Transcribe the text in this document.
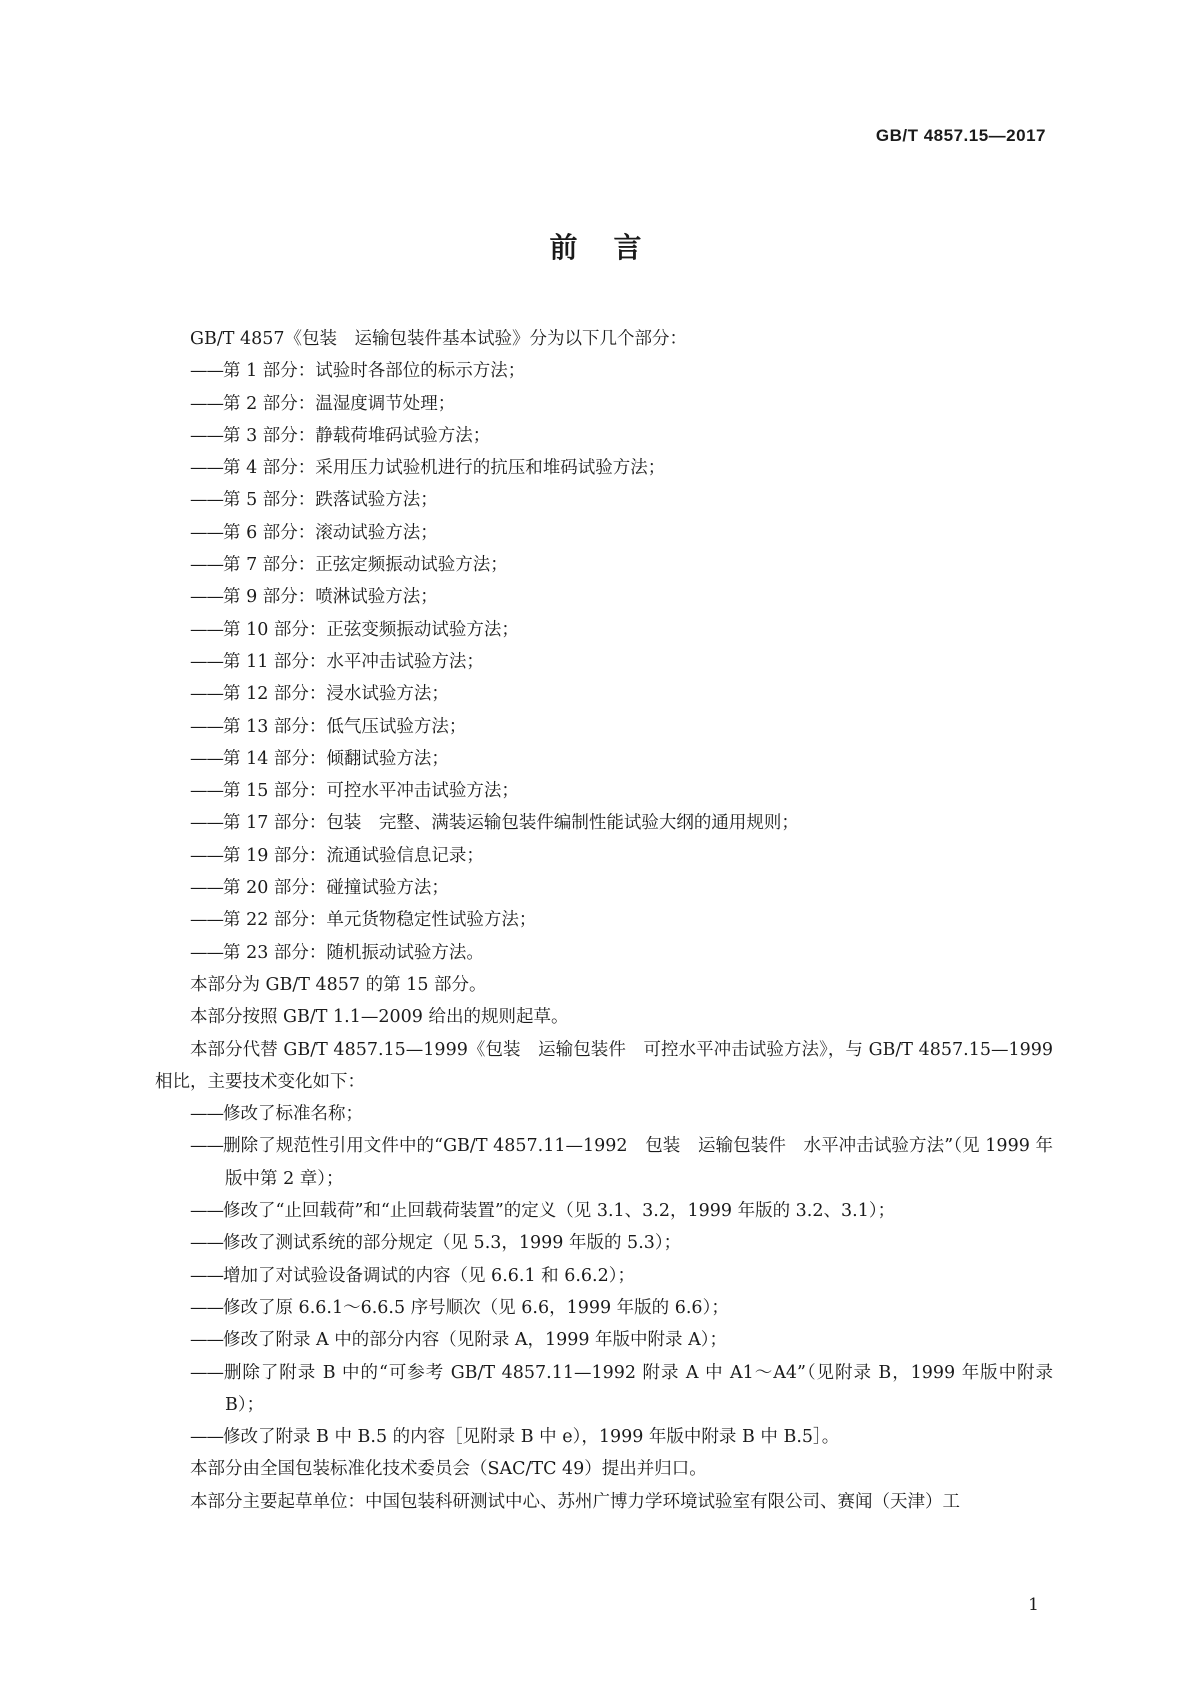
GB/T 4857.15—2017

前言

GB/T 4857《包装　运输包装件基本试验》分为以下几个部分：

——第 1 部分：试验时各部位的标示方法；
——第 2 部分：温湿度调节处理；
——第 3 部分：静载荷堆码试验方法；
——第 4 部分：采用压力试验机进行的抗压和堆码试验方法；
——第 5 部分：跌落试验方法；
——第 6 部分：滚动试验方法；
——第 7 部分：正弦定频振动试验方法；
——第 9 部分：喷淋试验方法；
——第 10 部分：正弦变频振动试验方法；
——第 11 部分：水平冲击试验方法；
——第 12 部分：浸水试验方法；
——第 13 部分：低气压试验方法；
——第 14 部分：倾翻试验方法；
——第 15 部分：可控水平冲击试验方法；
——第 17 部分：包装　完整、满装运输包装件编制性能试验大纲的通用规则；
——第 19 部分：流通试验信息记录；
——第 20 部分：碰撞试验方法；
——第 22 部分：单元货物稳定性试验方法；
——第 23 部分：随机振动试验方法。

本部分为 GB/T 4857 的第 15 部分。

本部分按照 GB/T 1.1—2009 给出的规则起草。

本部分代替 GB/T 4857.15—1999《包装　运输包装件　可控水平冲击试验方法》，与 GB/T 4857.15—1999 相比，主要技术变化如下：

——修改了标准名称；
——删除了规范性引用文件中的“GB/T 4857.11—1992　包装　运输包装件　水平冲击试验方法”（见 1999 年版中第 2 章）；
——修改了“止回载荷”和“止回载荷装置”的定义（见 3.1、3.2，1999 年版的 3.2、3.1）；
——修改了测试系统的部分规定（见 5.3，1999 年版的 5.3）；
——增加了对试验设备调试的内容（见 6.6.1 和 6.6.2）；
——修改了原 6.6.1～6.6.5 序号顺次（见 6.6，1999 年版的 6.6）；
——修改了附录 A 中的部分内容（见附录 A，1999 年版中附录 A）；
——删除了附录 B 中的“可参考 GB/T 4857.11—1992 附录 A 中 A1～A4”（见附录 B，1999 年版中附录 B）；
——修改了附录 B 中 B.5 的内容［见附录 B 中 e），1999 年版中附录 B 中 B.5］。

本部分由全国包装标准化技术委员会（SAC/TC 49）提出并归口。

本部分主要起草单位：中国包装科研测试中心、苏州广博力学环境试验室有限公司、赛闻（天津）工

1
